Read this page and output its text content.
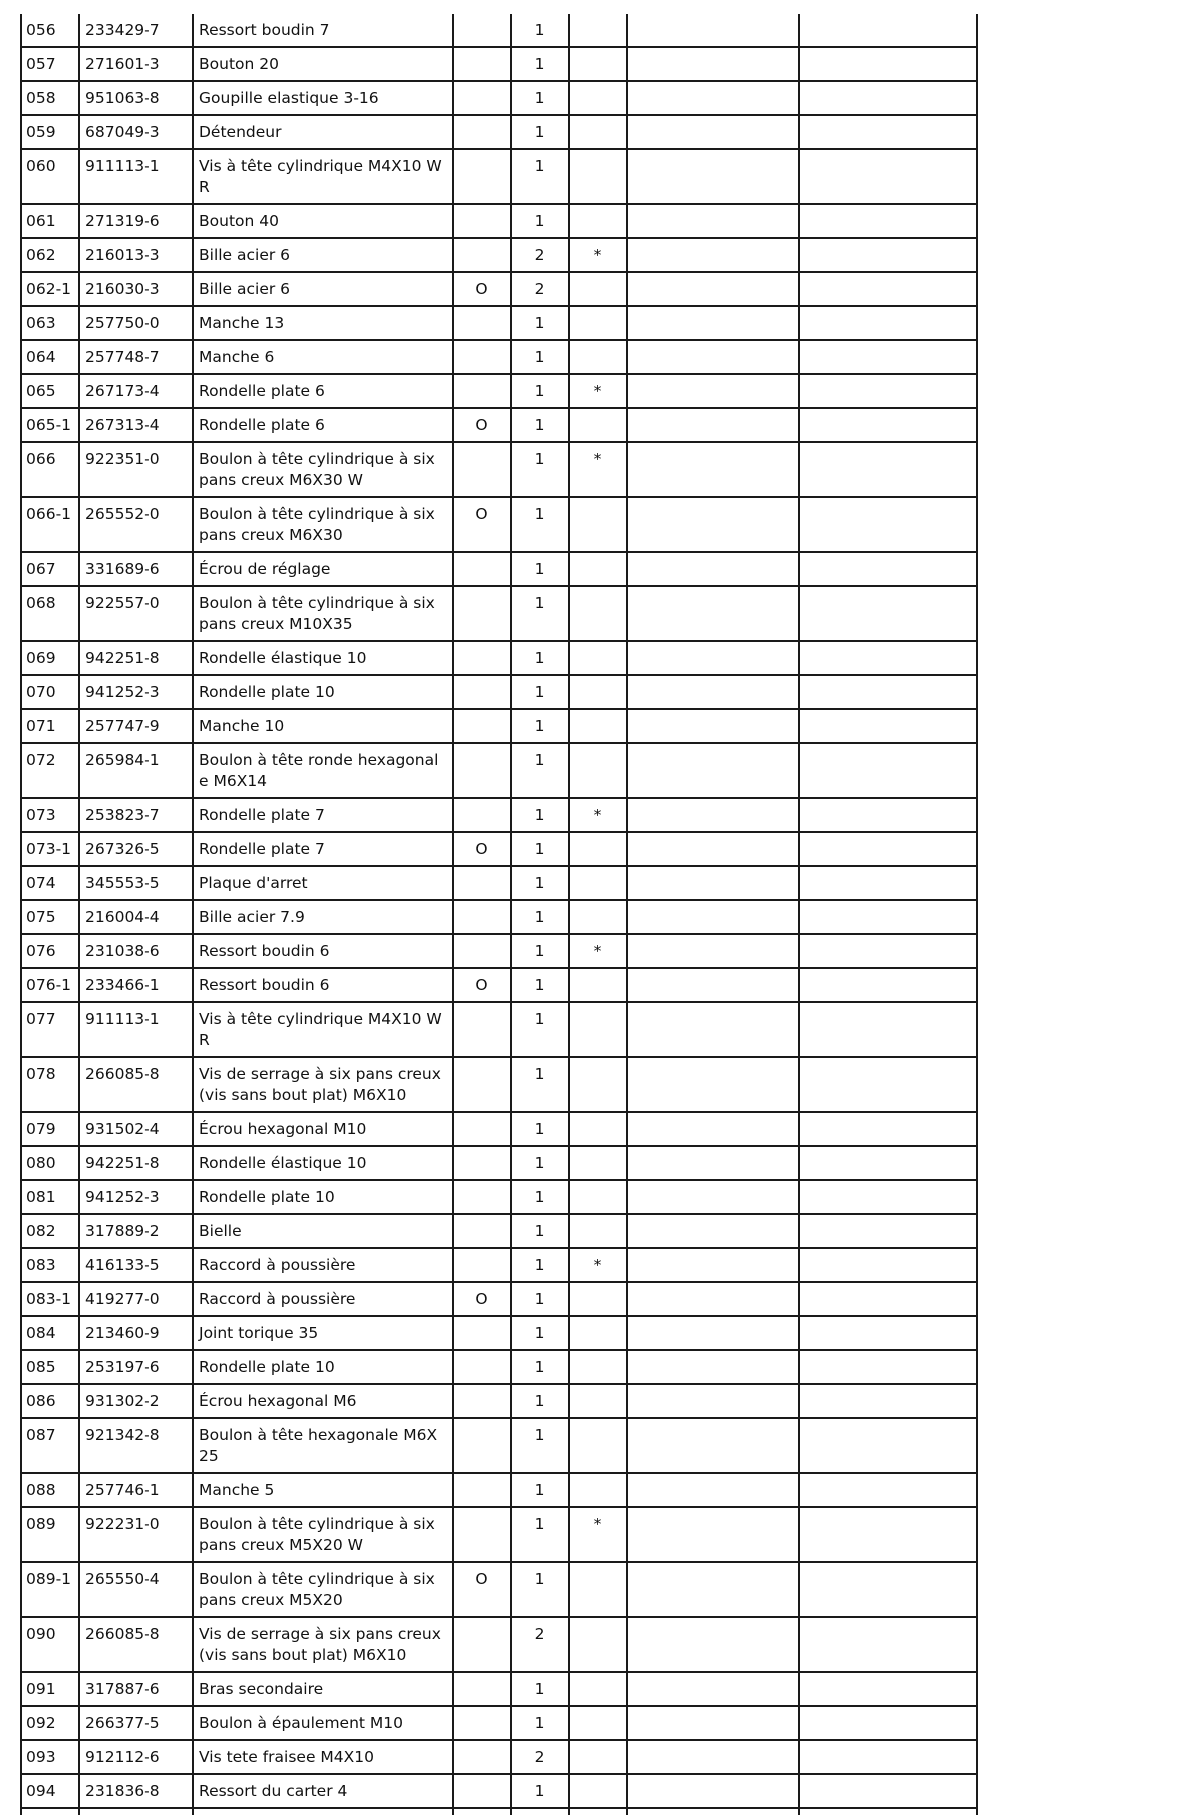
056	233429-7	Ressort boudin 7		1			
057	271601-3	Bouton 20		1			
058	951063-8	Goupille elastique 3-16		1			
059	687049-3	Détendeur		1			
060	911113-1	Vis à tête cylindrique M4X10 WR		1			
061	271319-6	Bouton 40		1			
062	216013-3	Bille acier 6		2	*		
062-1	216030-3	Bille acier 6	O	2			
063	257750-0	Manche 13		1			
064	257748-7	Manche 6		1			
065	267173-4	Rondelle plate 6		1	*		
065-1	267313-4	Rondelle plate 6	O	1			
066	922351-0	Boulon à tête cylindrique à six pans creux M6X30 W		1	*		
066-1	265552-0	Boulon à tête cylindrique à six pans creux M6X30	O	1			
067	331689-6	Écrou de réglage		1			
068	922557-0	Boulon à tête cylindrique à six pans creux M10X35		1			
069	942251-8	Rondelle élastique 10		1			
070	941252-3	Rondelle plate 10		1			
071	257747-9	Manche 10		1			
072	265984-1	Boulon à tête ronde hexagonale M6X14		1			
073	253823-7	Rondelle plate 7		1	*		
073-1	267326-5	Rondelle plate 7	O	1			
074	345553-5	Plaque d'arret		1			
075	216004-4	Bille acier 7.9		1			
076	231038-6	Ressort boudin 6		1	*		
076-1	233466-1	Ressort boudin 6	O	1			
077	911113-1	Vis à tête cylindrique M4X10 WR		1			
078	266085-8	Vis de serrage à six pans creux (vis sans bout plat) M6X10		1			
079	931502-4	Écrou hexagonal M10		1			
080	942251-8	Rondelle élastique 10		1			
081	941252-3	Rondelle plate 10		1			
082	317889-2	Bielle		1			
083	416133-5	Raccord à poussière		1	*		
083-1	419277-0	Raccord à poussière	O	1			
084	213460-9	Joint torique 35		1			
085	253197-6	Rondelle plate 10		1			
086	931302-2	Écrou hexagonal M6		1			
087	921342-8	Boulon à tête hexagonale M6X25		1			
088	257746-1	Manche 5		1			
089	922231-0	Boulon à tête cylindrique à six pans creux M5X20 W		1	*		
089-1	265550-4	Boulon à tête cylindrique à six pans creux M5X20	O	1			
090	266085-8	Vis de serrage à six pans creux (vis sans bout plat) M6X10		2			
091	317887-6	Bras secondaire		1			
092	266377-5	Boulon à épaulement M10		1			
093	912112-6	Vis tete fraisee M4X10		2			
094	231836-8	Ressort du carter 4		1			
